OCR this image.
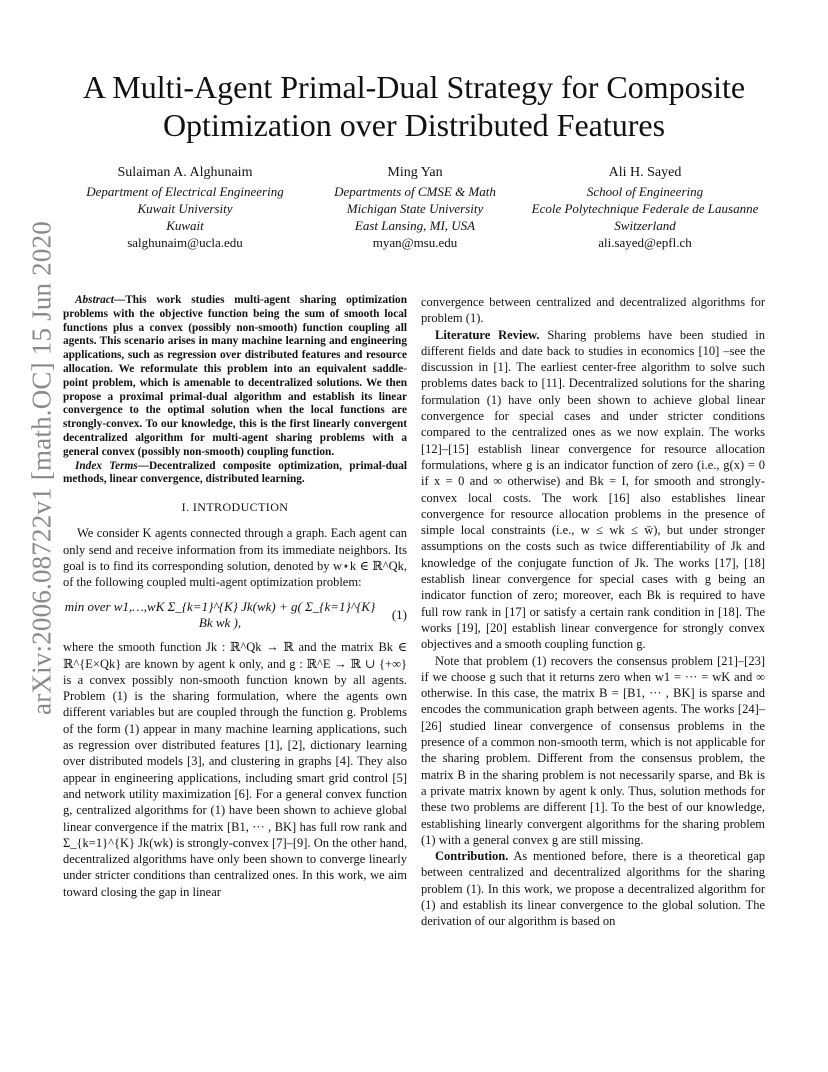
arXiv:2006.08722v1 [math.OC] 15 Jun 2020
A Multi-Agent Primal-Dual Strategy for Composite
Optimization over Distributed Features
Sulaiman A. Alghunaim
Department of Electrical Engineering
Kuwait University
Kuwait
salghunaim@ucla.edu
Ming Yan
Departments of CMSE & Math
Michigan State University
East Lansing, MI, USA
myan@msu.edu
Ali H. Sayed
School of Engineering
Ecole Polytechnique Federale de Lausanne
Switzerland
ali.sayed@epfl.ch

Abstract—This work studies multi-agent sharing optimization problems with the objective function being the sum of smooth local functions plus a convex (possibly non-smooth) function coupling all agents. This scenario arises in many machine learning and engineering applications, such as regression over distributed features and resource allocation. We reformulate this problem into an equivalent saddle-point problem, which is amenable to decentralized solutions. We then propose a proximal primal-dual algorithm and establish its linear convergence to the optimal solution when the local functions are strongly-convex. To our knowledge, this is the first linearly convergent decentralized algorithm for multi-agent sharing problems with a general convex (possibly non-smooth) coupling function.

Index Terms—Decentralized composite optimization, primal-dual methods, linear convergence, distributed learning.

I. INTRODUCTION

We consider K agents connected through a graph. Each agent can only send and receive information from its immediate neighbors. Its goal is to find its corresponding solution, denoted by w⋆k ∈ ℝ^Qk, of the following coupled multi-agent optimization problem:

min over w1,…,wK Σ_{k=1}^{K} Jk(wk) + g( Σ_{k=1}^{K} Bk wk ),
(1)

where the smooth function Jk : ℝ^Qk → ℝ and the matrix Bk ∈ ℝ^{E×Qk} are known by agent k only, and g : ℝ^E → ℝ ∪ {+∞} is a convex possibly non-smooth function known by all agents. Problem (1) is the sharing formulation, where the agents own different variables but are coupled through the function g. Problems of the form (1) appear in many machine learning applications, such as regression over distributed features [1], [2], dictionary learning over distributed models [3], and clustering in graphs [4]. They also appear in engineering applications, including smart grid control [5] and network utility maximization [6]. For a general convex function g, centralized algorithms for (1) have been shown to achieve global linear convergence if the matrix [B1, ··· , BK] has full row rank and Σ_{k=1}^{K} Jk(wk) is strongly-convex [7]–[9]. On the other hand, decentralized algorithms have only been shown to converge linearly under stricter conditions than centralized ones. In this work, we aim toward closing the gap in linear

convergence between centralized and decentralized algorithms for problem (1).

Literature Review. Sharing problems have been studied in different fields and date back to studies in economics [10] –see the discussion in [1]. The earliest center-free algorithm to solve such problems dates back to [11]. Decentralized solutions for the sharing formulation (1) have only been shown to achieve global linear convergence for special cases and under stricter conditions compared to the centralized ones as we now explain. The works [12]–[15] establish linear convergence for resource allocation formulations, where g is an indicator function of zero (i.e., g(x) = 0 if x = 0 and ∞ otherwise) and Bk = I, for smooth and strongly-convex local costs. The work [16] also establishes linear convergence for resource allocation problems in the presence of simple local constraints (i.e., w ≤ wk ≤ w̄), but under stronger assumptions on the costs such as twice differentiability of Jk and knowledge of the conjugate function of Jk. The works [17], [18] establish linear convergence for special cases with g being an indicator function of zero; moreover, each Bk is required to have full row rank in [17] or satisfy a certain rank condition in [18]. The works [19], [20] establish linear convergence for strongly convex objectives and a smooth coupling function g.

Note that problem (1) recovers the consensus problem [21]–[23] if we choose g such that it returns zero when w1 = ··· = wK and ∞ otherwise. In this case, the matrix B = [B1, ··· , BK] is sparse and encodes the communication graph between agents. The works [24]–[26] studied linear convergence of consensus problems in the presence of a common non-smooth term, which is not applicable for the sharing problem. Different from the consensus problem, the matrix B in the sharing problem is not necessarily sparse, and Bk is a private matrix known by agent k only. Thus, solution methods for these two problems are different [1]. To the best of our knowledge, establishing linearly convergent algorithms for the sharing problem (1) with a general convex g are still missing.

Contribution. As mentioned before, there is a theoretical gap between centralized and decentralized algorithms for the sharing problem (1). In this work, we propose a decentralized algorithm for (1) and establish its linear convergence to the global solution. The derivation of our algorithm is based on
